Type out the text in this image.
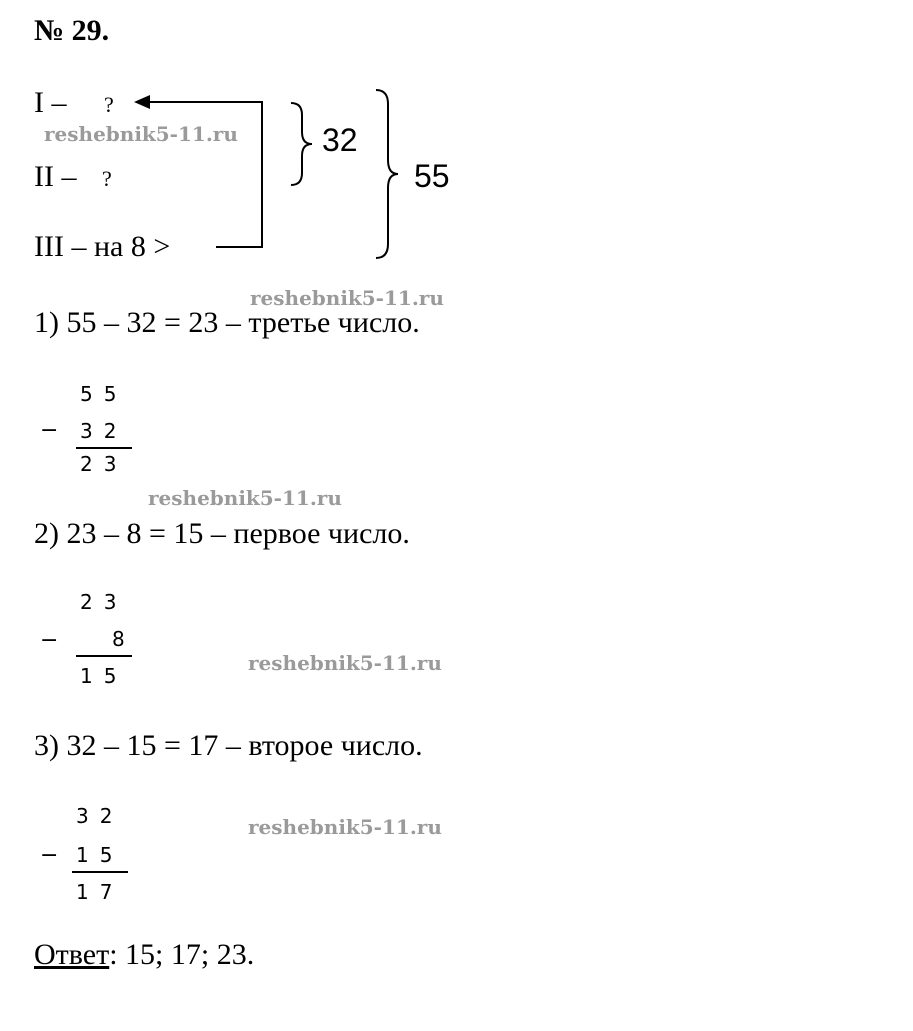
№ 29.
I – ?
II – ?
III – на 8 >
32
55
reshebnik5-11.ru
reshebnik5-11.ru
reshebnik5-11.ru
reshebnik5-11.ru
reshebnik5-11.ru
1) 55 – 32 = 23 – третье число.
55
− 32
23
2) 23 – 8 = 15 – первое число.
23
−	8
15
3) 32 – 15 = 17 – второе число.
32
− 15
17
Ответ: 15; 17; 23.
